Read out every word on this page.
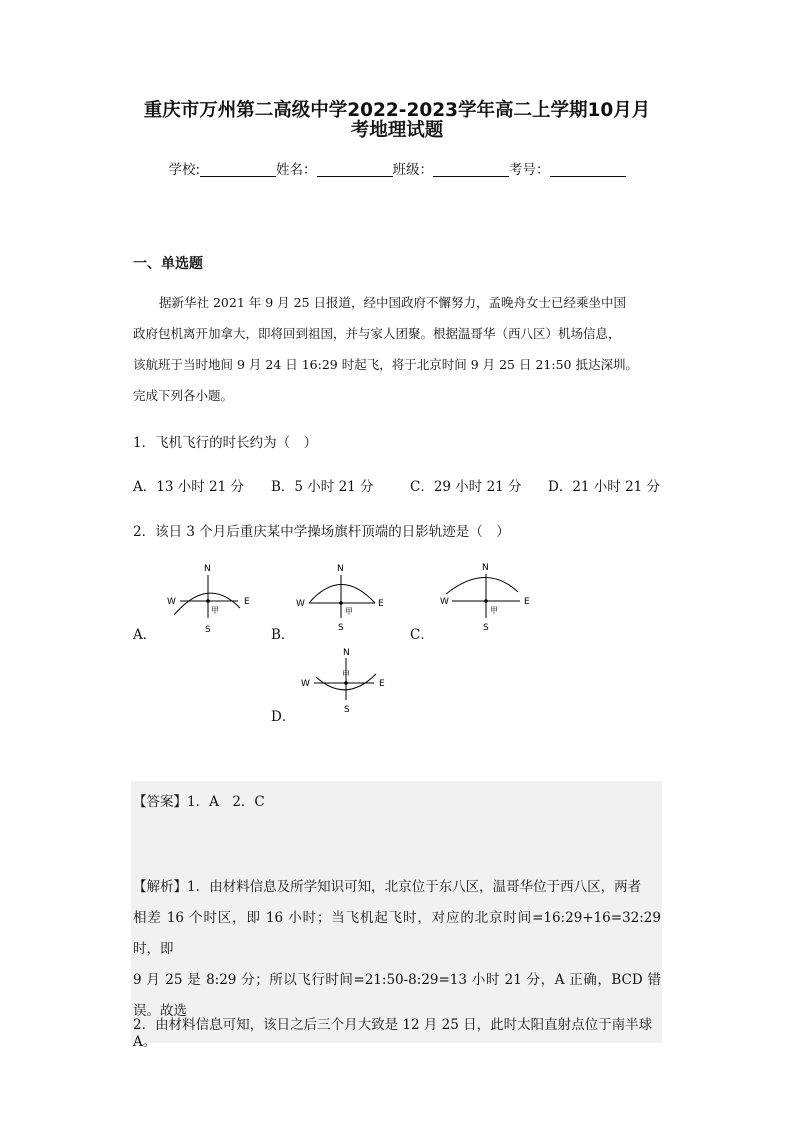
重庆市万州第二高级中学2022-2023学年高二上学期10月月
考地理试题
学校:	姓名：	班级：	考号：
一、单选题

据新华社 2021 年 9 月 25 日报道，经中国政府不懈努力，孟晚舟女士已经乘坐中国

政府包机离开加拿大，即将回到祖国，并与家人团聚。根据温哥华（西八区）机场信息，

该航班于当时地间 9 月 24 日 16:29 时起飞，将于北京时间 9 月 25 日 21:50 抵达深圳。

完成下列各小题。

1．飞机飞行的时长约为（　）
A．13 小时 21 分 B．5 小时 21 分	C．29 小时 21 分 D．21 小时 21 分
2．该日 3 个月后重庆某中学操场旗杆顶端的日影轨迹是（　）
A．
N
S
W	E
甲
B．
N
S
W	E
甲
C．
N
S
W	E
甲
D．
N
S
W	E
甲
【答案】1．A　2．C

【解析】1．由材料信息及所学知识可知，北京位于东八区，温哥华位于西八区，两者

相差 16 个时区，即 16 小时；当飞机起飞时，对应的北京时间=16:29+16=32:29 时，即

9 月 25 是 8:29 分；所以飞行时间=21:50-8:29=13 小时 21 分，A 正确，BCD 错误。故选

A。

2．由材料信息可知，该日之后三个月大致是 12 月 25 日，此时太阳直射点位于南半球
